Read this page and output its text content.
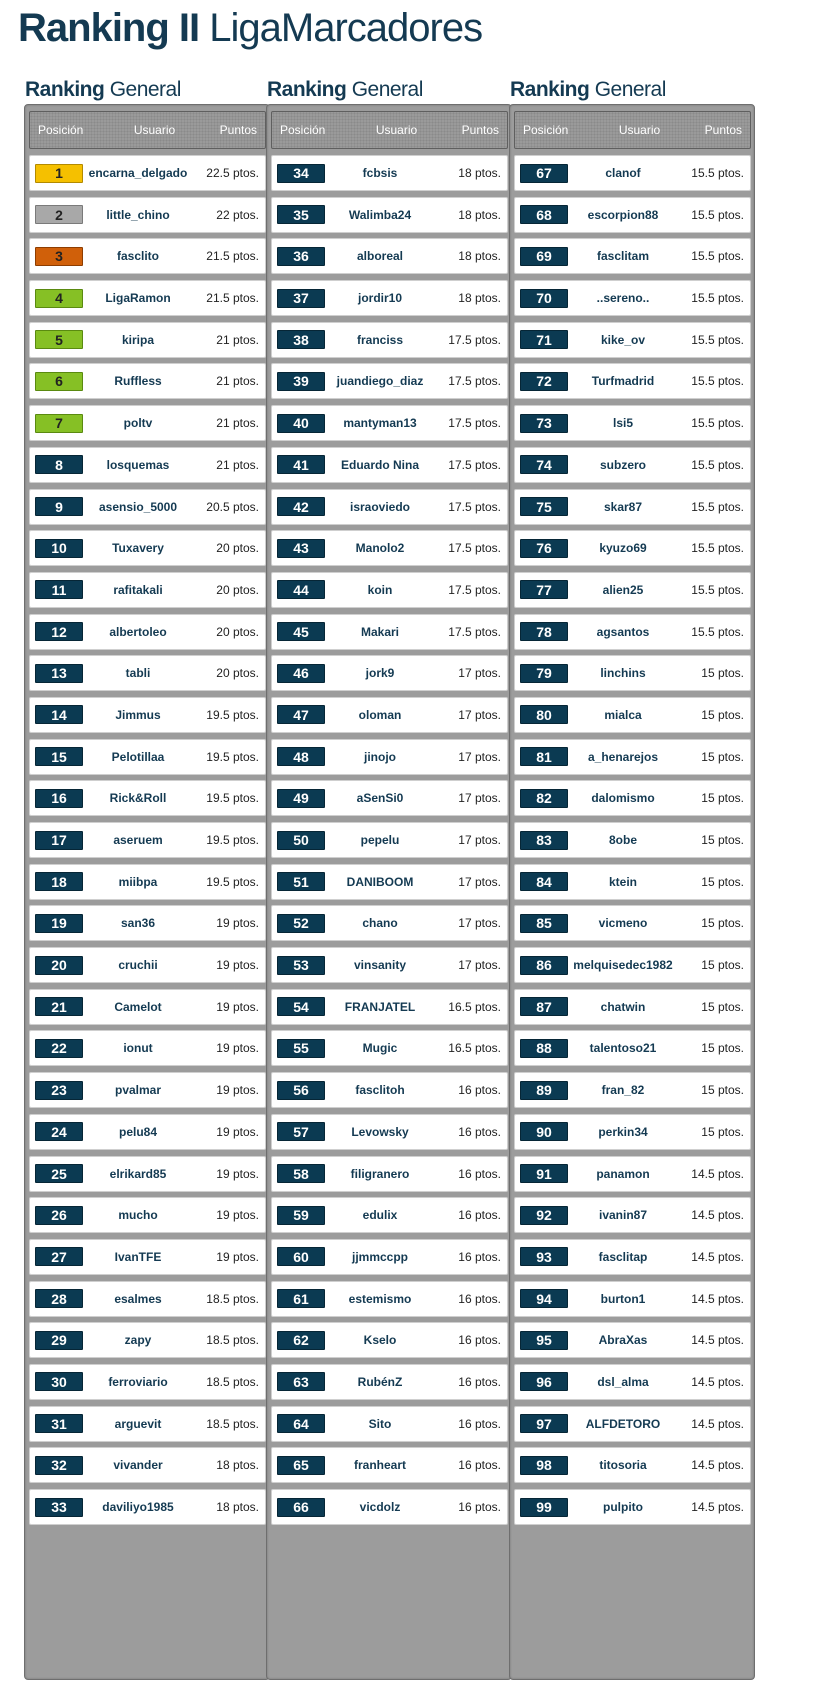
Ranking II LigaMarcadores
Ranking General
Posición	Usuario	Puntos
1	encarna_delgado	22.5 ptos.
2	little_chino	22 ptos.
3	fasclito	21.5 ptos.
4	LigaRamon	21.5 ptos.
5	kiripa	21 ptos.
6	Ruffless	21 ptos.
7	poltv	21 ptos.
8	losquemas	21 ptos.
9	asensio_5000	20.5 ptos.
10	Tuxavery	20 ptos.
11	rafitakali	20 ptos.
12	albertoleo	20 ptos.
13	tabli	20 ptos.
14	Jimmus	19.5 ptos.
15	Pelotillaa	19.5 ptos.
16	Rick&Roll	19.5 ptos.
17	aseruem	19.5 ptos.
18	miibpa	19.5 ptos.
19	san36	19 ptos.
20	cruchii	19 ptos.
21	Camelot	19 ptos.
22	ionut	19 ptos.
23	pvalmar	19 ptos.
24	pelu84	19 ptos.
25	elrikard85	19 ptos.
26	mucho	19 ptos.
27	IvanTFE	19 ptos.
28	esalmes	18.5 ptos.
29	zapy	18.5 ptos.
30	ferroviario	18.5 ptos.
31	arguevit	18.5 ptos.
32	vivander	18 ptos.
33	daviliyo1985	18 ptos.
Ranking General
Posición	Usuario	Puntos
34	fcbsis	18 ptos.
35	Walimba24	18 ptos.
36	alboreal	18 ptos.
37	jordir10	18 ptos.
38	franciss	17.5 ptos.
39	juandiego_diaz	17.5 ptos.
40	mantyman13	17.5 ptos.
41	Eduardo Nina	17.5 ptos.
42	israoviedo	17.5 ptos.
43	Manolo2	17.5 ptos.
44	koin	17.5 ptos.
45	Makari	17.5 ptos.
46	jork9	17 ptos.
47	oloman	17 ptos.
48	jinojo	17 ptos.
49	aSenSi0	17 ptos.
50	pepelu	17 ptos.
51	DANIBOOM	17 ptos.
52	chano	17 ptos.
53	vinsanity	17 ptos.
54	FRANJATEL	16.5 ptos.
55	Mugic	16.5 ptos.
56	fasclitoh	16 ptos.
57	Levowsky	16 ptos.
58	filigranero	16 ptos.
59	edulix	16 ptos.
60	jjmmccpp	16 ptos.
61	estemismo	16 ptos.
62	Kselo	16 ptos.
63	RubénZ	16 ptos.
64	Sito	16 ptos.
65	franheart	16 ptos.
66	vicdolz	16 ptos.
Ranking General
Posición	Usuario	Puntos
67	clanof	15.5 ptos.
68	escorpion88	15.5 ptos.
69	fasclitam	15.5 ptos.
70	..sereno..	15.5 ptos.
71	kike_ov	15.5 ptos.
72	Turfmadrid	15.5 ptos.
73	lsi5	15.5 ptos.
74	subzero	15.5 ptos.
75	skar87	15.5 ptos.
76	kyuzo69	15.5 ptos.
77	alien25	15.5 ptos.
78	agsantos	15.5 ptos.
79	linchins	15 ptos.
80	mialca	15 ptos.
81	a_henarejos	15 ptos.
82	dalomismo	15 ptos.
83	8obe	15 ptos.
84	ktein	15 ptos.
85	vicmeno	15 ptos.
86	melquisedec1982	15 ptos.
87	chatwin	15 ptos.
88	talentoso21	15 ptos.
89	fran_82	15 ptos.
90	perkin34	15 ptos.
91	panamon	14.5 ptos.
92	ivanin87	14.5 ptos.
93	fasclitap	14.5 ptos.
94	burton1	14.5 ptos.
95	AbraXas	14.5 ptos.
96	dsl_alma	14.5 ptos.
97	ALFDETORO	14.5 ptos.
98	titosoria	14.5 ptos.
99	pulpito	14.5 ptos.
